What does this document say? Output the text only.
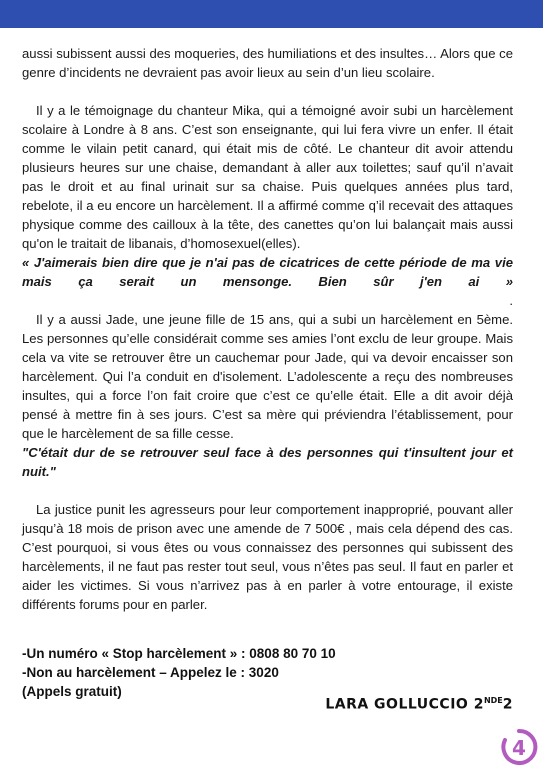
aussi subissent aussi des moqueries, des humiliations et des insultes… Alors que ce genre d’incidents ne devraient pas avoir lieux au sein d’un lieu scolaire.

Il y a le témoignage du chanteur Mika, qui a témoigné avoir subi un harcèlement scolaire à Londre à 8 ans. C’est son enseignante, qui lui fera vivre un enfer. Il était comme le vilain petit canard, qui était mis de côté. Le chanteur dit avoir attendu plusieurs heures sur une chaise, demandant à aller aux toilettes; sauf qu’il n’avait pas le droit et au final urinait sur sa chaise. Puis quelques années plus tard, rebelote, il a eu encore un harcèlement. Il a affirmé comme q’il recevait des attaques physique comme des cailloux à la tête, des canettes qu’on lui balançait mais aussi qu'on le traitait de libanais, d’homosexuel(elles).

« J'aimerais bien dire que je n'ai pas de cicatrices de cette période de ma vie mais ça serait un mensonge. Bien sûr j'en ai »

.

Il y a aussi Jade, une jeune fille de 15 ans, qui a subi un harcèlement en 5ème. Les personnes qu’elle considérait comme ses amies l’ont exclu de leur groupe. Mais cela va vite se retrouver être un cauchemar pour Jade, qui va devoir encaisser son harcèlement. Qui l’a conduit en d'isolement. L’adolescente a reçu des nombreuses insultes, qui a force l’on fait croire que c’est ce qu’elle était. Elle a dit avoir déjà pensé à mettre fin à ses jours. C’est sa mère qui préviendra l’établissement, pour que le harcèlement de sa fille cesse.

"C'était dur de se retrouver seul face à des personnes qui t'insultent jour et nuit."

La justice punit les agresseurs pour leur comportement inapproprié, pouvant aller jusqu’à 18 mois de prison avec une amende de 7 500€ , mais cela dépend des cas. C’est pourquoi, si vous êtes ou vous connaissez des personnes qui subissent des harcèlements, il ne faut pas rester tout seul, vous n’êtes pas seul. Il faut en parler et aider les victimes. Si vous n’arrivez pas à en parler à votre entourage, il existe différents forums pour en parler.

-Un numéro « Stop harcèlement » : 0808 80 70 10
-Non au harcèlement – Appelez le : 3020
(Appels gratuit)
LARA GOLLUCCIO 2NDE2
4
